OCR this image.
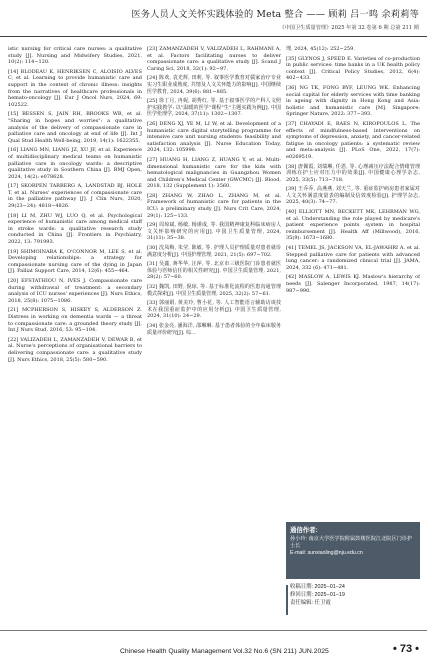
医务人员人文关怀实践体验的 Meta 整合 —— 顾莉 吕一鸣 余莉莉等
《中国卫生质量管理》2025 年第 32 卷第 6 期 总第 211 期

istic nursing for critical care nurses: a qualitative study [J]. Nursing and Midwifery Studies, 2021, 10(2): 114−120.

[14] BLODEAU K, HENRIKSEN C, ALOISIO ALVES C, et al. Learning to provide humanistic care and support in the context of chronic illness: insights from the narratives of healthcare professionals in hemato-oncology [J]. Eur J Oncol Nurs, 2024, 69: 102522.

[15] BESSEN S, JAIN RH, BROOKS WB, et al. "Sharing in hopes and worries": a qualitative analysis of the delivery of compassionate care in palliative care and oncology at end of life [J]. Int J Qual Stud Health Well-being, 2019, 14(1): 1622355.

[16] LIANG MN, LIANG JZ, XU JF, et al. Experience of multidisciplinary medical teams on humanistic palliative care in oncology wards: a descriptive qualitative study in Southern China [J]. BMJ Open, 2024, 14(2): e078628.

[17] SKORPEN TARBERG A, LANDSTAD BJ, HOLE T, et al. Nurses' experiences of compassionate care in the palliative pathway [J]. J Clin Nurs, 2020, 29(23−24): 4818−4826.

[18] LI M, ZHU WJ, LUO Q, et al. Psychological experience of humanistic care among medical staff in stroke wards: a qualitative research study conducted in China [J]. Frontiers in Psychiatry, 2022, 13: 791993.

[19] SHIMOINABA K, O'CONNOR M, LEE S, et al. Developing relationships: a strategy for compassionate nursing care of the dying in Japan [J]. Palliat Support Care, 2014, 12(6): 455−464.

[20] EFSTATHIOU N, IVES J. Compassionate care during withdrawal of treatment: a secondary analysis of ICU nurses' experiences [J]. Nurs Ethics, 2018, 25(8): 1075−1086.

[21] MCPHERSON S, HISKEY S, ALDERSON Z. Distress in working on dementia wards — a threat to compassionate care: a grounded theory study [J]. Int J Nurs Stud, 2016, 53: 95−104.

[22] VALIZADEH L, ZAMANZADEH V, DEWAR B, et al. Nurse's perceptions of organisational barriers to delivering compassionate care: a qualitative study [J]. Nurs Ethics, 2018, 25(5): 580−590.

[23] ZAMANZADEH V, VALIZADEH L, RAHMANI A, et al. Factors facilitating nurses to deliver compassionate care: a qualitative study [J]. Scand J Caring Sci, 2018, 32(1): 92−97.

[24] 陈欢, 袁光辉, 田莉, 等. 叙事医学教育对儒家治疗专业实习生职业成熟度, 共情及人文关怀能力的影响[J]. 中国继续医学教育, 2024, 39(6): 881−885.

[25] 徐丁月, 冉妮, 胡秀红, 等. 基于叙事医学的产科人文照护实践教学: 以"温暖的医学"课程"生"主题实践为例[J]. 中国医学伦理学, 2024, 37(11): 1302−1307.

[26] DENG XJ, YE M, LI W, et al. Development of a humanistic care digital storytelling programme for intensive care unit nursing students: feasibility and satisfaction analysis [J]. Nurse Education Today, 2024, 132: 105998.

[27] HUANG H, LIANG Z, HUANG Y, et al. Multi-dimensional humanistic care for the kids with hematological malignancies in Guangzhou Women and Children's Medical Center (GWCMC) [J]. Blood, 2018, 132 (Supplement 1): 3560.

[28] ZHANG W, ZHAO L, ZHANG M, et al. Framework of humanistic care for patients in the ICU: a preliminary study [J]. Nurs Crit Care, 2024, 29(1): 125−133.

[29] 周琼斌, 杨敏, 杨谨成, 等. 我国精神康复科临床病房人文关怀影响研究的应用[J]. 中国卫生质量管理, 2024, 31(11): 35−38.

[30] 沈凤梅, 朱莹, 陈敏, 等. 护理人员护理质量对患者就诊满意度分析[J]. 中国护理管理, 2021, 21(5): 697−702.

[31] 吴鑫, 蒋华华, 汪萍, 等. 北京市三级医院门诊患者就医体验与医师信任的相关性研究[J]. 中国卫生质量管理, 2021, 28(2): 57−60.

[32] 魏凯, 田野, 倪琼, 等. 基于标准化流程的医患沟通管理模式探索[J]. 中国卫生质量管理, 2025, 32(2): 57−61.

[33] 郭丽娟, 黄美玲, 曹小花, 等. 人工智能语言辅助访谈技术在我国重症监护中的应用分析[J]. 中国卫生质量管理, 2024, 31(10): 24−29.

[34] 张金亮, 潘海洋, 邵琳琳. 基于患者体验的全年临床服务质量评价研究[J]. 综...

理, 2024, 45(12): 252−259.

[35] GLYNOS J, SPEED E. Varieties of co-production in public services: time banks in a UK health policy context [J]. Critical Policy Studies, 2012, 6(4): 402−433.

[36] NG TK, FONG BYF, LEUNG WK. Enhancing social capital for elderly services with time banking in ageing with dignity in Hong Kong and Asia: holistic and humanistic care [M]. Singapore: Springer Nature, 2022: 377−393.

[37] CHAYADI E, BAES N, KIROPOULOS L. The effects of mindfulness-based interventions on symptoms of depression, anxiety, and cancer-related fatigue in oncology patients: a systematic review and meta-analysis [J]. PLoS One, 2022, 17(7): e0269519.

[38] 唐佩霞, 刘瑞琳, 任恩, 等. 心理减压疗法配合情绪管理训练在护士应对压力中的效果[J]. 中国健康心理学杂志, 2025, 33(5): 713−718.

[39] 王乔乔, 高燕燕, 刘天兰, 等. 重症监护病房患者家属对人文关怀满意度量表的编制及信效度检验[J]. 护理学杂志, 2025, 40(3): 74−77.

[40] ELLIOTT MN, BECKETT MK, LEHRMAN WG, et al. Understanding the role played by medicare's patient experience points system in hospital reimbursement [J]. Health Aff (Millwood), 2016, 35(9): 1673−1680.

[41] TEMEL JS, JACKSON VA, EL-JAWAHRI A, et al. Stepped palliative care for patients with advanced lung cancer: a randomized clinical trial [J]. JAMA, 2024, 332 (6): 471−481.

[42] MASLOW A, LEWIS KJ. Maslow's hierarchy of needs [J]. Salenger Incorporated, 1987, 14(17): 987−990.

通信作者:
孙小玲: 南京大学医学院附属鼓楼医院江北院区门诊护士长
E-mail: sunxiaoling@nju.edu.cn
收稿日期: 2025−01−24
修回日期: 2025−01−19
责任编辑: 任卫霞
Chinese Health Quality Management Vol.32 No.6 (SN 211) JUN.2025	• 73 •
